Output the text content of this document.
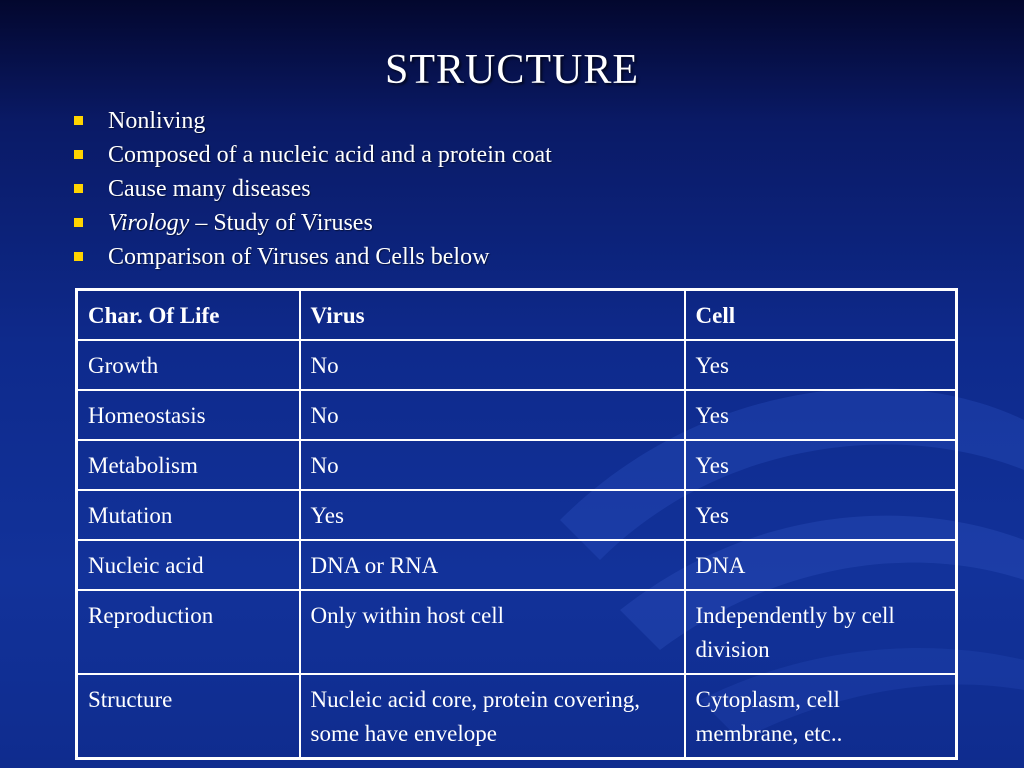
STRUCTURE
Nonliving
Composed of a nucleic acid and a protein coat
Cause many diseases
Virology – Study of Viruses
Comparison of Viruses and Cells below
Char. Of Life	Virus	Cell
Growth	No	Yes
Homeostasis	No	Yes
Metabolism	No	Yes
Mutation	Yes	Yes
Nucleic acid	DNA or RNA	DNA
Reproduction	Only within host cell	Independently by cell division
Structure	Nucleic acid core, protein covering, some have envelope	Cytoplasm, cell membrane, etc..
